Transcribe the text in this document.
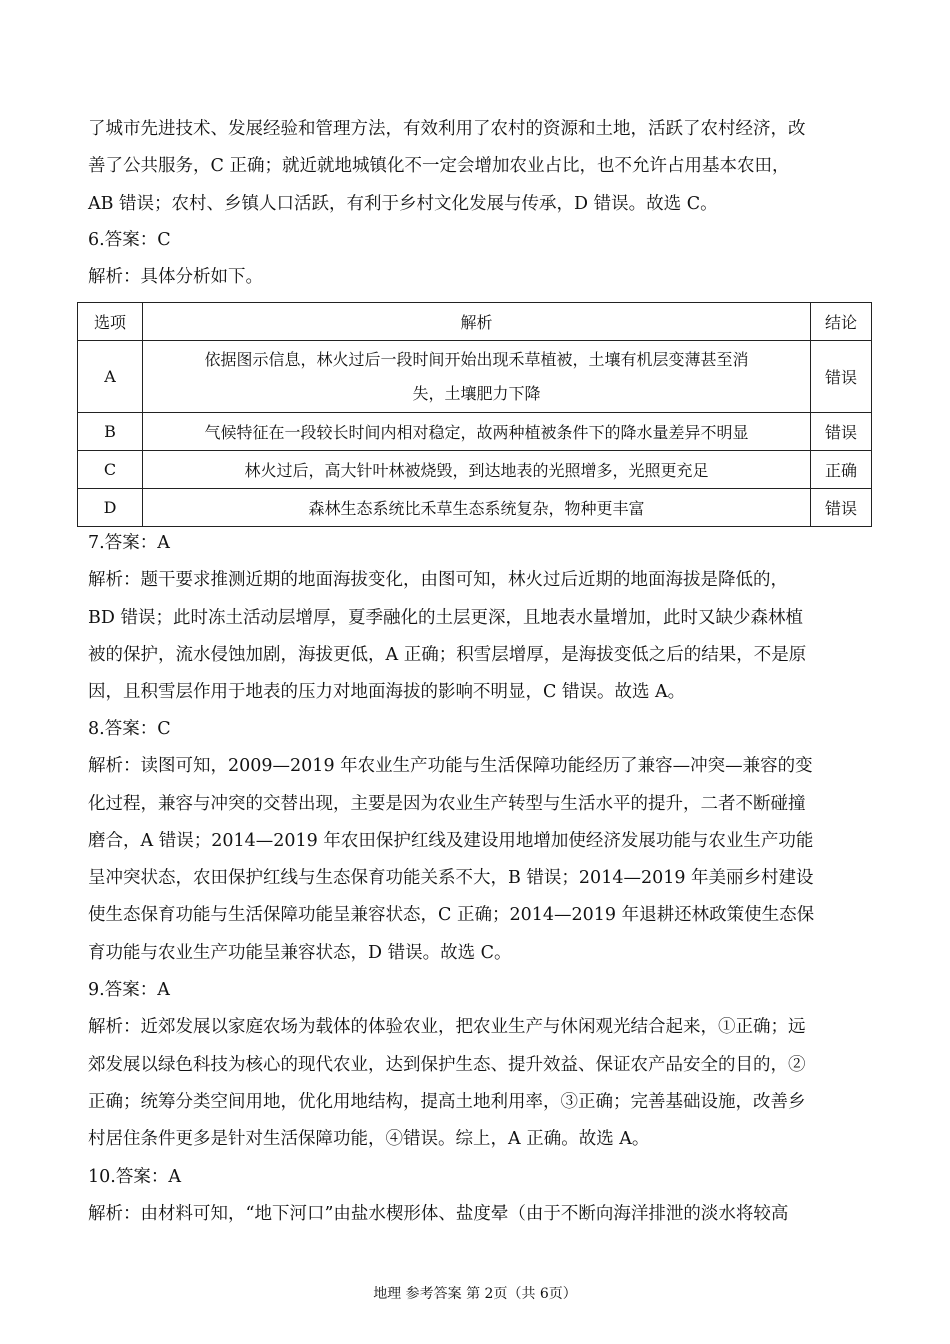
了城市先进技术、发展经验和管理方法，有效利用了农村的资源和土地，活跃了农村经济，改
善了公共服务，C 正确；就近就地城镇化不一定会增加农业占比，也不允许占用基本农田，
AB 错误；农村、乡镇人口活跃，有利于乡村文化发展与传承，D 错误。故选 C。

6.答案：C
解析：具体分析如下。

选项	解析	结论
A	依据图示信息，林火过后一段时间开始出现禾草植被，土壤有机层变薄甚至消
失，土壤肥力下降	错误
B	气候特征在一段较长时间内相对稳定，故两种植被条件下的降水量差异不明显	错误
C	林火过后，高大针叶林被烧毁，到达地表的光照增多，光照更充足	正确
D	森林生态系统比禾草生态系统复杂，物种更丰富	错误

7.答案：A
解析：题干要求推测近期的地面海拔变化，由图可知，林火过后近期的地面海拔是降低的，
BD 错误；此时冻土活动层增厚，夏季融化的土层更深，且地表水量增加，此时又缺少森林植
被的保护，流水侵蚀加剧，海拔更低，A 正确；积雪层增厚，是海拔变低之后的结果，不是原
因，且积雪层作用于地表的压力对地面海拔的影响不明显，C 错误。故选 A。

8.答案：C
解析：读图可知，2009—2019 年农业生产功能与生活保障功能经历了兼容—冲突—兼容的变
化过程，兼容与冲突的交替出现，主要是因为农业生产转型与生活水平的提升，二者不断碰撞
磨合，A 错误；2014—2019 年农田保护红线及建设用地增加使经济发展功能与农业生产功能
呈冲突状态，农田保护红线与生态保育功能关系不大，B 错误；2014—2019 年美丽乡村建设
使生态保育功能与生活保障功能呈兼容状态，C 正确；2014—2019 年退耕还林政策使生态保
育功能与农业生产功能呈兼容状态，D 错误。故选 C。

9.答案：A
解析：近郊发展以家庭农场为载体的体验农业，把农业生产与休闲观光结合起来，①正确；远
郊发展以绿色科技为核心的现代农业，达到保护生态、提升效益、保证农产品安全的目的，②
正确；统筹分类空间用地，优化用地结构，提高土地利用率，③正确；完善基础设施，改善乡
村居住条件更多是针对生活保障功能，④错误。综上，A 正确。故选 A。

10.答案：A
解析：由材料可知，“地下河口”由盐水楔形体、盐度晕（由于不断向海洋排泄的淡水将较高

地理 参考答案 第 2页（共 6页）
